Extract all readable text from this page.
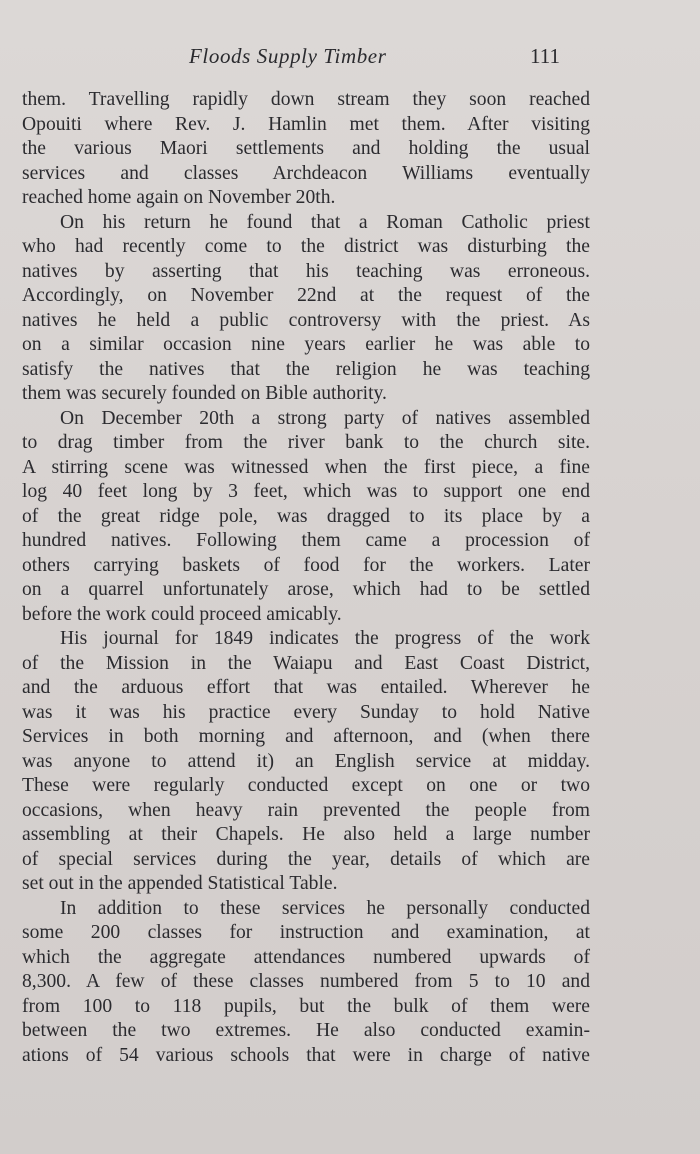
Floods Supply Timber	111

them. Travelling rapidly down stream they soon reached
Opouiti where Rev. J. Hamlin met them. After visiting
the various Maori settlements and holding the usual
services and classes Archdeacon Williams eventually
reached home again on November 20th.

On his return he found that a Roman Catholic priest
who had recently come to the district was disturbing the
natives by asserting that his teaching was erroneous.
Accordingly, on November 22nd at the request of the
natives he held a public controversy with the priest. As
on a similar occasion nine years earlier he was able to
satisfy the natives that the religion he was teaching
them was securely founded on Bible authority.

On December 20th a strong party of natives assembled
to drag timber from the river bank to the church site.
A stirring scene was witnessed when the first piece, a fine
log 40 feet long by 3 feet, which was to support one end
of the great ridge pole, was dragged to its place by a
hundred natives. Following them came a procession of
others carrying baskets of food for the workers. Later
on a quarrel unfortunately arose, which had to be settled
before the work could proceed amicably.

His journal for 1849 indicates the progress of the work
of the Mission in the Waiapu and East Coast District,
and the arduous effort that was entailed. Wherever he
was it was his practice every Sunday to hold Native
Services in both morning and afternoon, and (when there
was anyone to attend it) an English service at midday.
These were regularly conducted except on one or two
occasions, when heavy rain prevented the people from
assembling at their Chapels. He also held a large number
of special services during the year, details of which are
set out in the appended Statistical Table.

In addition to these services he personally conducted
some 200 classes for instruction and examination, at
which the aggregate attendances numbered upwards of
8,300. A few of these classes numbered from 5 to 10 and
from 100 to 118 pupils, but the bulk of them were
between the two extremes. He also conducted examin-
ations of 54 various schools that were in charge of native
